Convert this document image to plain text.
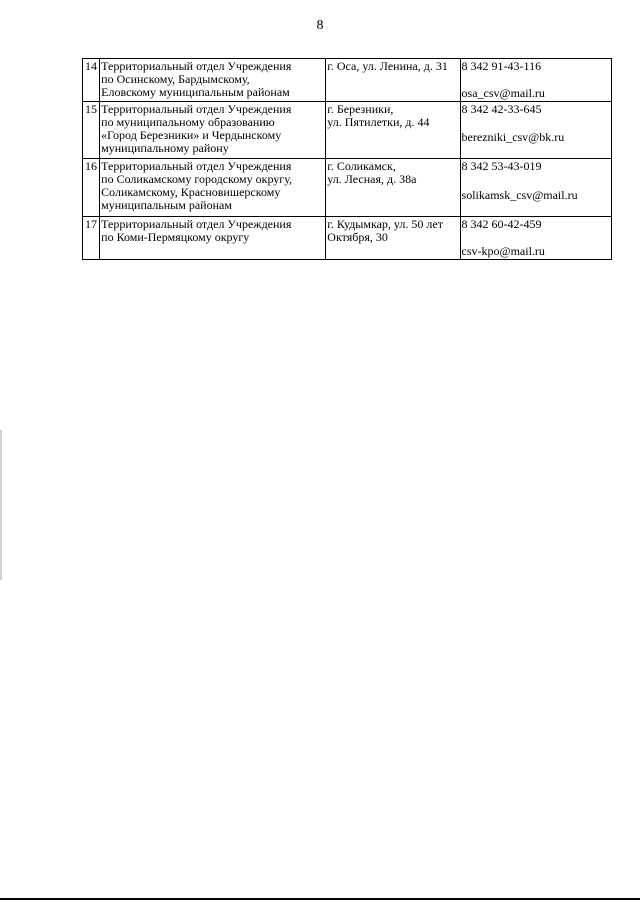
8
14	Территориальный отдел Учреждения
по Осинскому, Бардымскому,
Еловскому муниципальным районам	г. Оса, ул. Ленина, д. 31	8 342 91-43-116
osa_csv@mail.ru

15	Территориальный отдел Учреждения
по муниципальному образованию
«Город Березники» и Чердынскому
муниципальному району	г. Березники,
ул. Пятилетки, д. 44	8 342 42-33-645
berezniki_csv@bk.ru

16	Территориальный отдел Учреждения
по Соликамскому городскому округу,
Соликамскому, Красновишерскому
муниципальным районам	г. Соликамск,
ул. Лесная, д. 38а	8 342 53-43-019
solikamsk_csv@mail.ru

17	Территориальный отдел Учреждения
по Коми-Пермяцкому округу	г. Кудымкар, ул. 50 лет
Октября, 30	8 342 60-42-459
csv-kpo@mail.ru
